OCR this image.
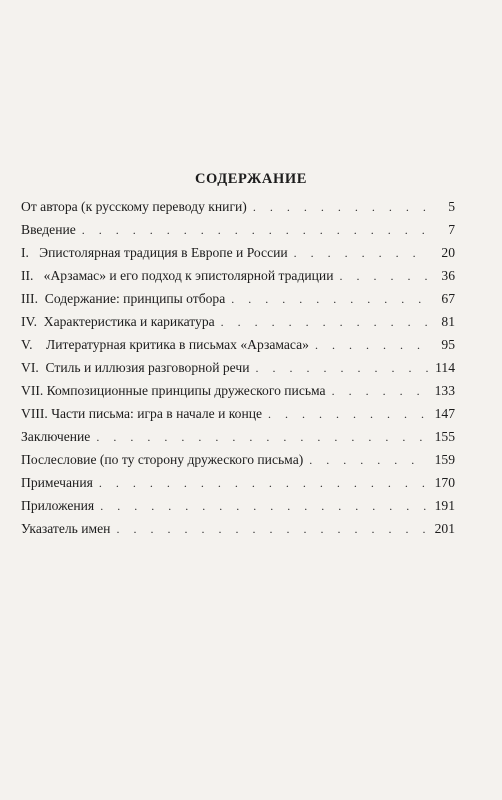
СОДЕРЖАНИЕ
От автора (к русскому переводу книги) . . .	5
Введение . . .	7
I.   Эпистолярная традиция в Европе и России . . .	20
II.   «Арзамас» и его подход к эпистолярной традиции . . .	36
III.  Содержание: принципы отбора . . .	67
IV.  Характеристика и карикатура . . .	81
V.    Литературная критика в письмах «Арзамаса» . . .	95
VI.  Стиль и иллюзия разговорной речи . . .	114
VII. Композиционные принципы дружеского письма . . .	133
VIII. Части письма: игра в начале и конце . . .	147
Заключение . . .	155
Послесловие (по ту сторону дружеского письма) . . .	159
Примечания . . .	170
Приложения . . .	191
Указатель имен . . .	201
